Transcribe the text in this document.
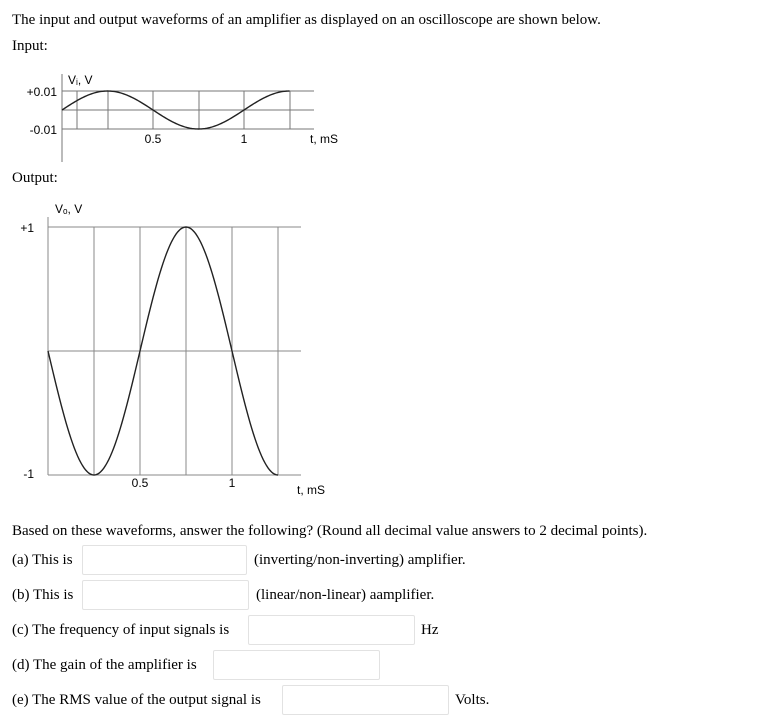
The input and output waveforms of an amplifier as displayed on an oscilloscope are shown below.
Input:
Vᵢ, V
+0.01
-0.01
0.5	1	t, mS
Output:
Vₒ, V
+1
-1
0.5	1	t, mS
Based on these waveforms, answer the following? (Round all decimal value answers to 2 decimal points).
(a) This is	(inverting/non-inverting) amplifier.
(b) This is	(linear/non-linear) aamplifier.
(c) The frequency of input signals is	Hz
(d) The gain of the amplifier is
(e) The RMS value of the output signal is	Volts.
